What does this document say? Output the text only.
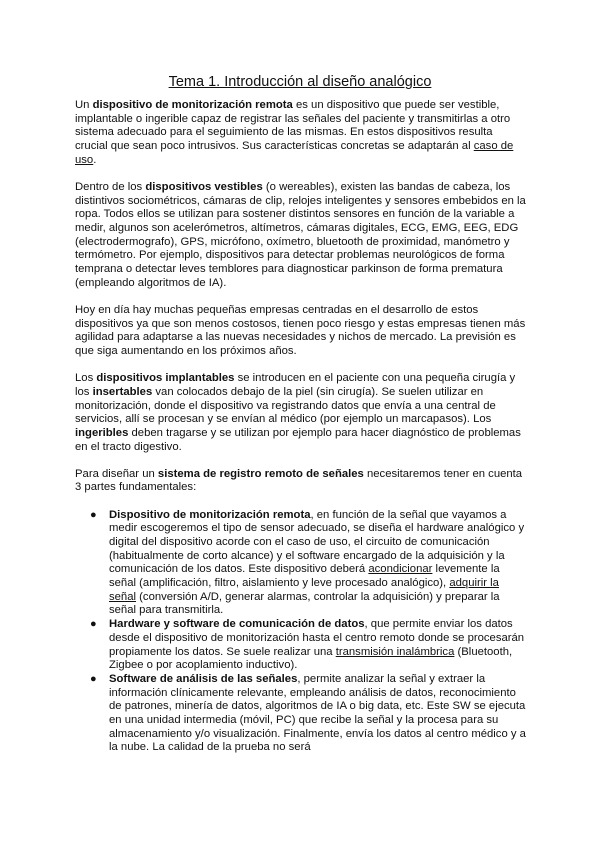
Tema 1. Introducción al diseño analógico

Un dispositivo de monitorización remota es un dispositivo que puede ser vestible, implantable o ingerible capaz de registrar las señales del paciente y transmitirlas a otro sistema adecuado para el seguimiento de las mismas. En estos dispositivos resulta crucial que sean poco intrusivos. Sus características concretas se adaptarán al caso de uso.

Dentro de los dispositivos vestibles (o wereables), existen las bandas de cabeza, los distintivos sociométricos, cámaras de clip, relojes inteligentes y sensores embebidos en la ropa. Todos ellos se utilizan para sostener distintos sensores en función de la variable a medir, algunos son acelerómetros, altímetros, cámaras digitales, ECG, EMG, EEG, EDG (electrodermografo), GPS, micrófono, oxímetro, bluetooth de proximidad, manómetro y termómetro. Por ejemplo, dispositivos para detectar problemas neurológicos de forma temprana o detectar leves temblores para diagnosticar parkinson de forma prematura (empleando algoritmos de IA).

Hoy en día hay muchas pequeñas empresas centradas en el desarrollo de estos dispositivos ya que son menos costosos, tienen poco riesgo y estas empresas tienen más agilidad para adaptarse a las nuevas necesidades y nichos de mercado. La previsión es que siga aumentando en los próximos años.

Los dispositivos implantables se introducen en el paciente con una pequeña cirugía y los insertables van colocados debajo de la piel (sin cirugía). Se suelen utilizar en monitorización, donde el dispositivo va registrando datos que envía a una central de servicios, allí se procesan y se envían al médico (por ejemplo un marcapasos). Los ingeribles deben tragarse y se utilizan por ejemplo para hacer diagnóstico de problemas en el tracto digestivo.

Para diseñar un sistema de registro remoto de señales necesitaremos tener en cuenta 3 partes fundamentales:

● Dispositivo de monitorización remota, en función de la señal que vayamos a medir escogeremos el tipo de sensor adecuado, se diseña el hardware analógico y digital del dispositivo acorde con el caso de uso, el circuito de comunicación (habitualmente de corto alcance) y el software encargado de la adquisición y la comunicación de los datos. Este dispositivo deberá acondicionar levemente la señal (amplificación, filtro, aislamiento y leve procesado analógico), adquirir la señal (conversión A/D, generar alarmas, controlar la adquisición) y preparar la señal para transmitirla.
● Hardware y software de comunicación de datos, que permite enviar los datos desde el dispositivo de monitorización hasta el centro remoto donde se procesarán propiamente los datos. Se suele realizar una transmisión inalámbrica (Bluetooth, Zigbee o por acoplamiento inductivo).
● Software de análisis de las señales, permite analizar la señal y extraer la información clínicamente relevante, empleando análisis de datos, reconocimiento de patrones, minería de datos, algoritmos de IA o big data, etc. Este SW se ejecuta en una unidad intermedia (móvil, PC) que recibe la señal y la procesa para su almacenamiento y/o visualización. Finalmente, envía los datos al centro médico y a la nube. La calidad de la prueba no será
